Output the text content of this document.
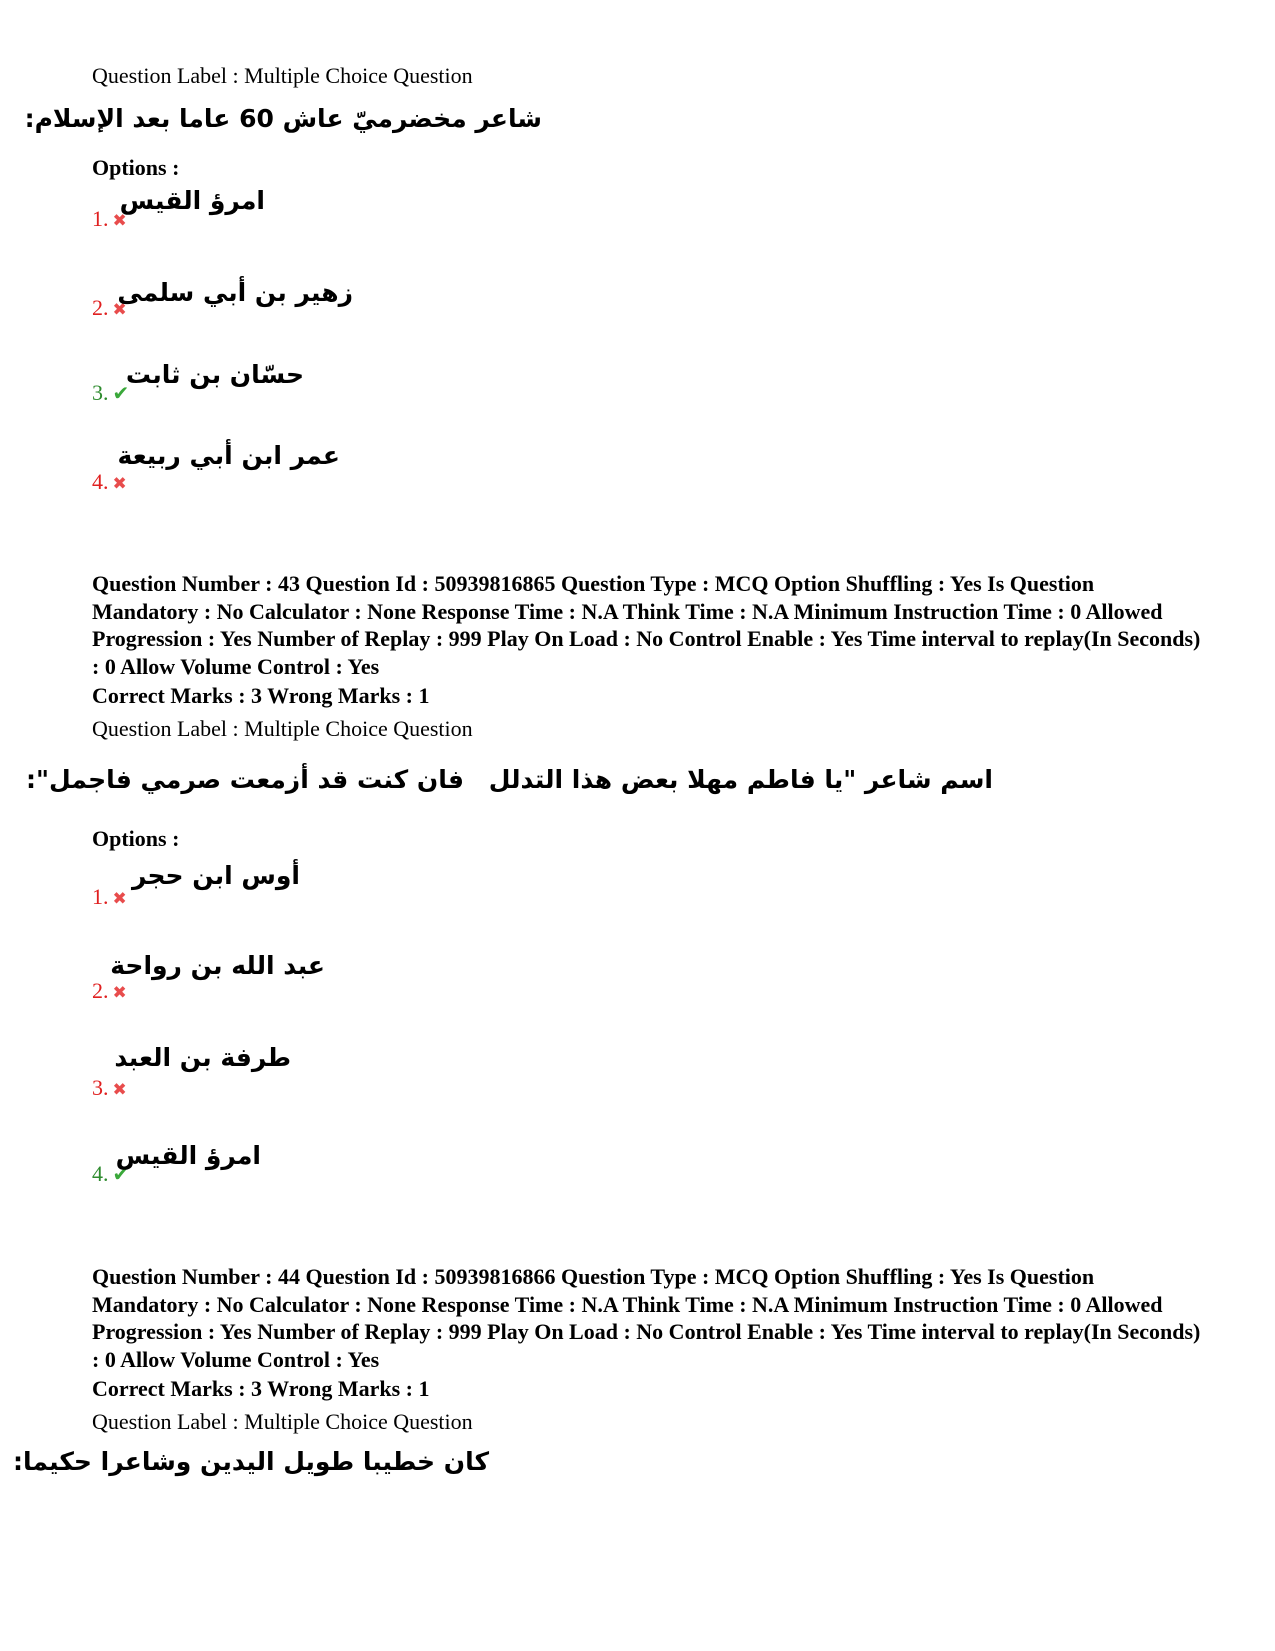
Question Label : Multiple Choice Question
شاعر مخضرميّ عاش 60 عاما بعد الإسلام:
Options :
1. ✖
امرؤ القيس
2. ✖
زهير بن أبي سلمى
3. ✔
حسّان بن ثابت
4. ✖
عمر ابن أبي ربيعة
Question Number : 43 Question Id : 50939816865 Question Type : MCQ Option Shuffling : Yes Is Question Mandatory : No Calculator : None Response Time : N.A Think Time : N.A Minimum Instruction Time : 0 Allowed Progression : Yes Number of Replay : 999 Play On Load : No Control Enable : Yes Time interval to replay(In Seconds) : 0 Allow Volume Control : Yes
Correct Marks : 3 Wrong Marks : 1
Question Label : Multiple Choice Question
اسم شاعر "يا فاطم مهلا بعض هذا التدلل
فان كنت قد أزمعت صرمي فاجمل":
Options :
1. ✖
أوس ابن حجر
2. ✖
عبد الله بن رواحة
3. ✖
طرفة بن العبد
4. ✔
امرؤ القيس
Question Number : 44 Question Id : 50939816866 Question Type : MCQ Option Shuffling : Yes Is Question Mandatory : No Calculator : None Response Time : N.A Think Time : N.A Minimum Instruction Time : 0 Allowed Progression : Yes Number of Replay : 999 Play On Load : No Control Enable : Yes Time interval to replay(In Seconds) : 0 Allow Volume Control : Yes
Correct Marks : 3 Wrong Marks : 1
Question Label : Multiple Choice Question
كان خطيبا طويل اليدين وشاعرا حكيما:
